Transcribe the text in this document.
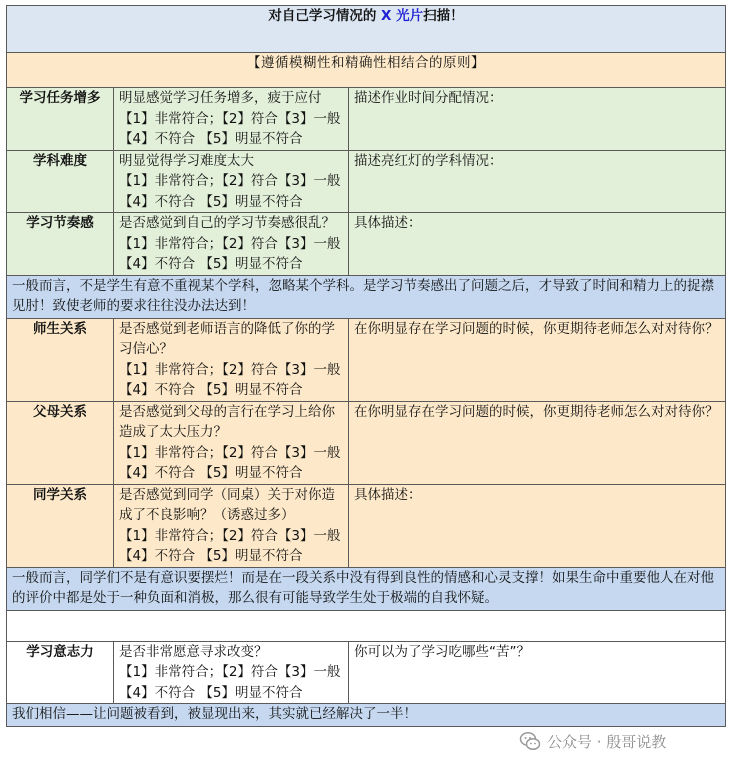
对自己学习情况的 X 光片扫描！		
【遵循模糊性和精确性相结合的原则】		
学习任务增多	明显感觉学习任务增多，疲于应付
【1】非常符合；【2】符合【3】一般
【4】不符合 【5】明显不符合	描述作业时间分配情况：
学科难度	明显觉得学习难度太大
【1】非常符合；【2】符合【3】一般
【4】不符合 【5】明显不符合	描述亮红灯的学科情况：
学习节奏感	是否感觉到自己的学习节奏感很乱？【1】非常符合；【2】符合【3】一般【4】不符合 【5】明显不符合	具体描述：
一般而言，不是学生有意不重视某个学科，忽略某个学科。是学习节奏感出了问题之后，才导致了时间和精力上的捉襟见肘！致使老师的要求往往没办法达到！		
师生关系	是否感觉到老师语言的降低了你的学习信心？
【1】非常符合；【2】符合【3】一般
【4】不符合 【5】明显不符合	在你明显存在学习问题的时候，你更期待老师怎么对对待你？
父母关系	是否感觉到父母的言行在学习上给你造成了太大压力？
【1】非常符合；【2】符合【3】一般
【4】不符合 【5】明显不符合	在你明显存在学习问题的时候，你更期待老师怎么对对待你？
同学关系	是否感觉到同学（同桌）关于对你造成了不良影响？（诱惑过多）
【1】非常符合；【2】符合【3】一般
【4】不符合 【5】明显不符合	具体描述：
一般而言，同学们不是有意识要摆烂！而是在一段关系中没有得到良性的情感和心灵支撑！如果生命中重要他人在对他的评价中都是处于一种负面和消极，那么很有可能导致学生处于极端的自我怀疑。		

学习意志力	是否非常愿意寻求改变？
【1】非常符合；【2】符合【3】一般
【4】不符合 【5】明显不符合	你可以为了学习吃哪些“苦”？
我们相信——让问题被看到，被显现出来，其实就已经解决了一半！		
公众号 · 殷哥说教
